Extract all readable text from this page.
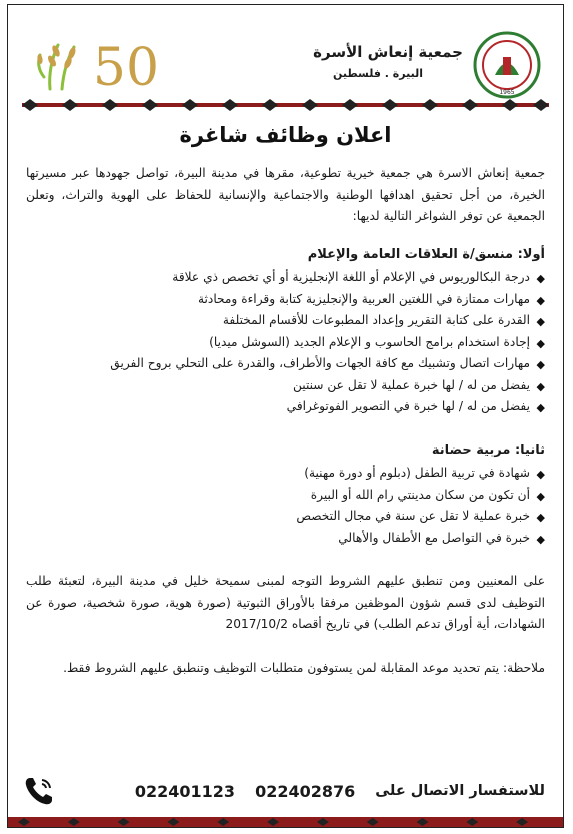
1965
جمعية إنعاش الأسرة
البيرة . فلسطين
50
اعلان وظائف شاغرة

جمعية إنعاش الاسرة هي جمعية خيرية تطوعية، مقرها في مدينة البيرة، تواصل جهودها عبر مسيرتها الخيرة، من أجل تحقيق اهدافها الوطنية والاجتماعية والإنسانية للحفاظ على الهوية والتراث، وتعلن الجمعية عن توفر الشواغر التالية لديها:

أولا: منسق/ة العلاقات العامة والإعلام
◆
درجة البكالوريوس في الإعلام أو اللغة الإنجليزية أو أي تخصص ذي علاقة
◆
مهارات ممتازة في اللغتين العربية والإنجليزية كتابة وقراءة ومحادثة
◆
القدرة على كتابة التقرير وإعداد المطبوعات للأقسام المختلفة
◆
إجادة استخدام برامج الحاسوب و الإعلام الجديد (السوشل ميديا)
◆
مهارات اتصال وتشبيك مع كافة الجهات والأطراف، والقدرة على التحلي بروح الفريق
◆
يفضل من له / لها خبرة عملية لا تقل عن سنتين
◆
يفضل من له / لها خبرة في التصوير الفوتوغرافي
ثانيا: مربية حضانة
◆
شهادة في تربية الطفل (دبلوم أو دورة مهنية)
◆
أن تكون من سكان مدينتي رام الله أو البيرة
◆
خبرة عملية لا تقل عن سنة في مجال التخصص
◆
خبرة في التواصل مع الأطفال والأهالي

على المعنيين ومن تنطبق عليهم الشروط التوجه لمبنى سميحة خليل في مدينة البيرة، لتعبئة طلب التوظيف لدى قسم شؤون الموظفين مرفقا بالأوراق الثبوتية (صورة هوية، صورة شخصية، صورة عن الشهادات، أية أوراق تدعم الطلب) في تاريخ أقصاه 2017/10/2

ملاحظة: يتم تحديد موعد المقابلة لمن يستوفون متطلبات التوظيف وتنطبق عليهم الشروط فقط.

للاستفسار الاتصال على
022402876
022401123
